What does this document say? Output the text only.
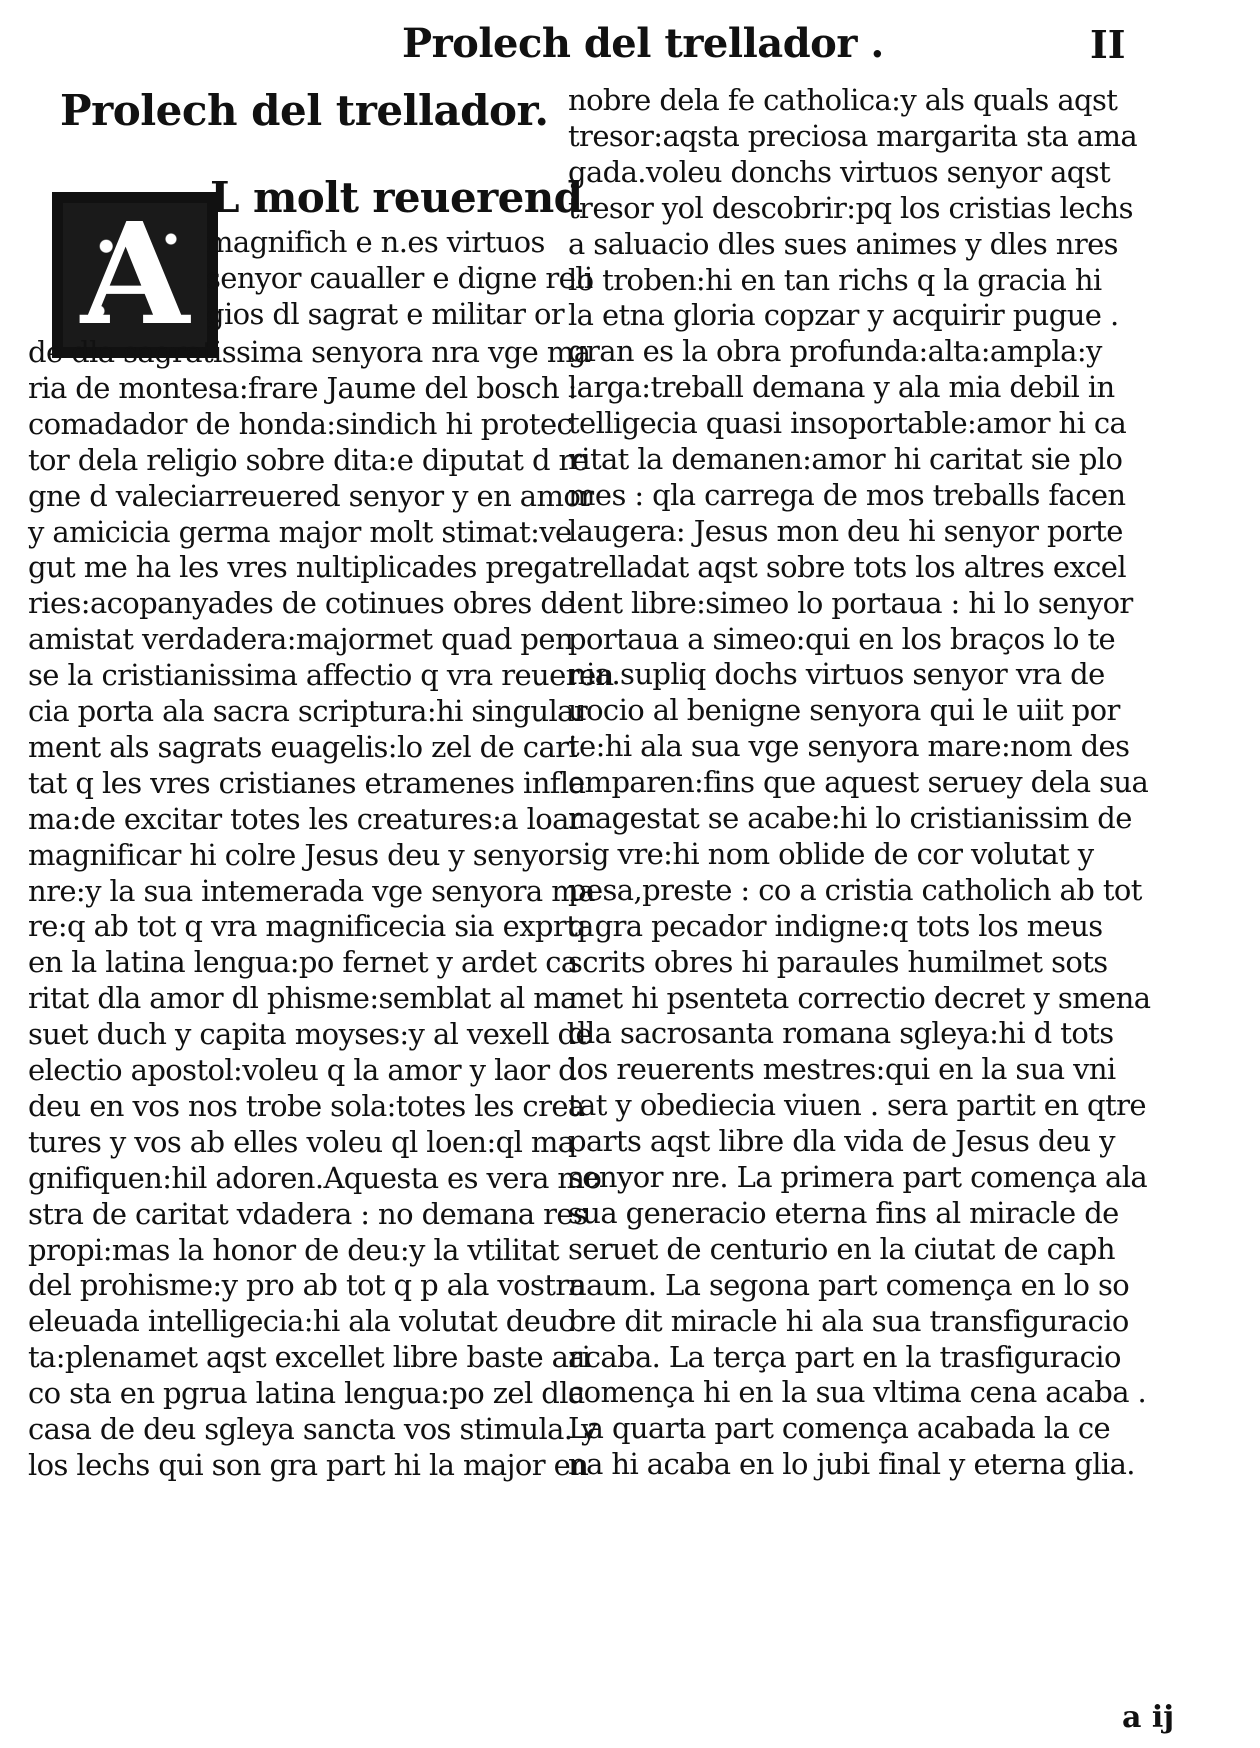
Prolech del trellador .	II
Prolech del trellador.
A L molt reuerend
magnifich e n.es virtuos
senyor caualler e digne reli
gios dl sagrat e militar or
de dla sagratissima senyora nra vge ma
ria de montesa:frare Jaume del bosch :
comadador de honda:sindich hi protec
tor dela religio sobre dita:e diputat d re
gne d valeciarreuered senyor y en amor
y amicicia germa major molt stimat:ve
gut me ha les vres nultiplicades prega
ries:acopanyades de cotinues obres de
amistat verdadera:majormet quad pen
se la cristianissima affectio q vra reueren
cia porta ala sacra scriptura:hi singular
ment als sagrats euagelis:lo zel de cari
tat q les vres cristianes etramenes infla
ma:de excitar totes les creatures:a loar
magnificar hi colre Jesus deu y senyor
nre:y la sua intemerada vge senyora ma
re:q ab tot q vra magnificecia sia exprta
en la latina lengua:po fernet y ardet ca
ritat dla amor dl phisme:semblat al ma
suet duch y capita moyses:y al vexell de
electio apostol:voleu q la amor y laor d
deu en vos nos trobe sola:totes les crea
tures y vos ab elles voleu ql loen:ql ma
gnifiquen:hil adoren.Aquesta es vera mo
stra de caritat vdadera : no demana res
propi:mas la honor de deu:y la vtilitat
del prohisme:y pro ab tot q p ala vostra
eleuada intelligecia:hi ala volutat deuo
ta:plenamet aqst excellet libre baste ari
co sta en pgrua latina lengua:po zel dla
casa de deu sgleya sancta vos stimula. y
los lechs qui son gra part hi la major en
nobre dela fe catholica:y als quals aqst
tresor:aqsta preciosa margarita sta ama
gada.voleu donchs virtuos senyor aqst
tresor yol descobrir:pq los cristias lechs
a saluacio dles sues animes y dles nres
lo troben:hi en tan richs q la gracia hi
la etna gloria copzar y acquirir pugue .
gran es la obra profunda:alta:ampla:y
larga:treball demana y ala mia debil in
telligecia quasi insoportable:amor hi ca
ritat la demanen:amor hi caritat sie plo
mes : qla carrega de mos treballs facen
laugera: Jesus mon deu hi senyor porte
trelladat aqst sobre tots los altres excel
lent libre:simeo lo portaua : hi lo senyor
portaua a simeo:qui en los braços lo te
nia.supliq dochs virtuos senyor vra de
uocio al benigne senyora qui le uiit por
te:hi ala sua vge senyora mare:nom des
emparen:fins que aquest seruey dela sua
magestat se acabe:hi lo cristianissim de
sig vre:hi nom oblide de cor volutat y
pesa,preste : co a cristia catholich ab tot
q gra pecador indigne:q tots los meus
scrits obres hi paraules humilmet sots
met hi psenteta correctio decret y smena
dla sacrosanta romana sgleya:hi d tots
los reuerents mestres:qui en la sua vni
tat y obediecia viuen . sera partit en qtre
parts aqst libre dla vida de Jesus deu y
senyor nre. La primera part comença ala
sua generacio eterna fins al miracle de
seruet de centurio en la ciutat de caph
naum. La segona part comença en lo so
bre dit miracle hi ala sua transfiguracio
acaba. La terça part en la trasfiguracio
comença hi en la sua vltima cena acaba .
La quarta part comença acabada la ce
na hi acaba en lo jubi final y eterna glia.
a ij
